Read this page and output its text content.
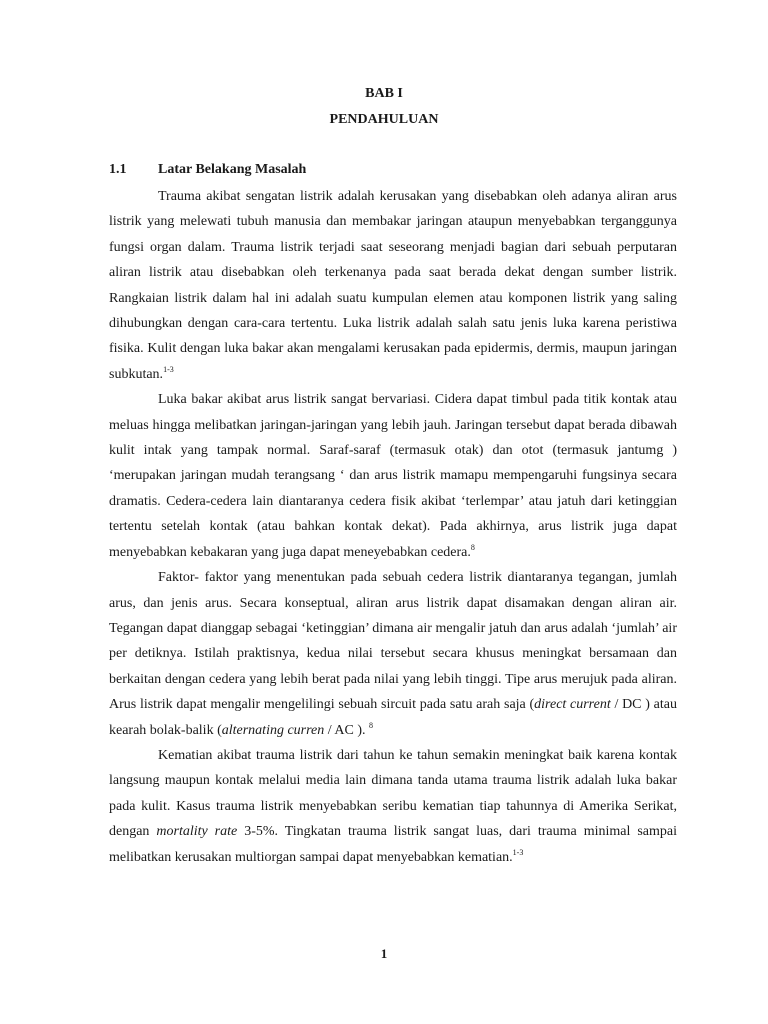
BAB I
PENDAHULUAN
1.1 Latar Belakang Masalah

Trauma akibat sengatan listrik adalah kerusakan yang disebabkan oleh adanya aliran arus listrik yang melewati tubuh manusia dan membakar jaringan ataupun menyebabkan terganggunya fungsi organ dalam. Trauma listrik terjadi saat seseorang menjadi bagian dari sebuah perputaran aliran listrik atau disebabkan oleh terkenanya pada saat berada dekat dengan sumber listrik. Rangkaian listrik dalam hal ini adalah suatu kumpulan elemen atau komponen listrik yang saling dihubungkan dengan cara-cara tertentu. Luka listrik adalah salah satu jenis luka karena peristiwa fisika. Kulit dengan luka bakar akan mengalami kerusakan pada epidermis, dermis, maupun jaringan subkutan.$^{1-3}$

Luka bakar akibat arus listrik sangat bervariasi. Cidera dapat timbul pada titik kontak atau meluas hingga melibatkan jaringan-jaringan yang lebih jauh. Jaringan tersebut dapat berada dibawah kulit intak yang tampak normal. Saraf-saraf (termasuk otak) dan otot (termasuk jantumg ) ‘merupakan jaringan mudah terangsang ‘ dan arus listrik mamapu mempengaruhi fungsinya secara dramatis. Cedera-cedera lain diantaranya cedera fisik akibat ‘terlempar’ atau jatuh dari ketinggian tertentu setelah kontak (atau bahkan kontak dekat). Pada akhirnya, arus listrik juga dapat menyebabkan kebakaran yang juga dapat meneyebabkan cedera.$^8$

Faktor- faktor yang menentukan pada sebuah cedera listrik diantaranya tegangan, jumlah arus, dan jenis arus. Secara konseptual, aliran arus listrik dapat disamakan dengan aliran air. Tegangan dapat dianggap sebagai ‘ketinggian’ dimana air mengalir jatuh dan arus adalah ‘jumlah’ air per detiknya. Istilah praktisnya, kedua nilai tersebut secara khusus meningkat bersamaan dan berkaitan dengan cedera yang lebih berat pada nilai yang lebih tinggi. Tipe arus merujuk pada aliran. Arus listrik dapat mengalir mengelilingi sebuah sircuit pada satu arah saja (direct current / DC ) atau kearah bolak-balik (alternating curren / AC ). $^8$

Kematian akibat trauma listrik dari tahun ke tahun semakin meningkat baik karena kontak langsung maupun kontak melalui media lain dimana tanda utama trauma listrik adalah luka bakar pada kulit. Kasus trauma listrik menyebabkan seribu kematian tiap tahunnya di Amerika Serikat, dengan mortality rate 3-5%. Tingkatan trauma listrik sangat luas, dari trauma minimal sampai melibatkan kerusakan multiorgan sampai dapat menyebabkan kematian.$^{1-3}$

1
